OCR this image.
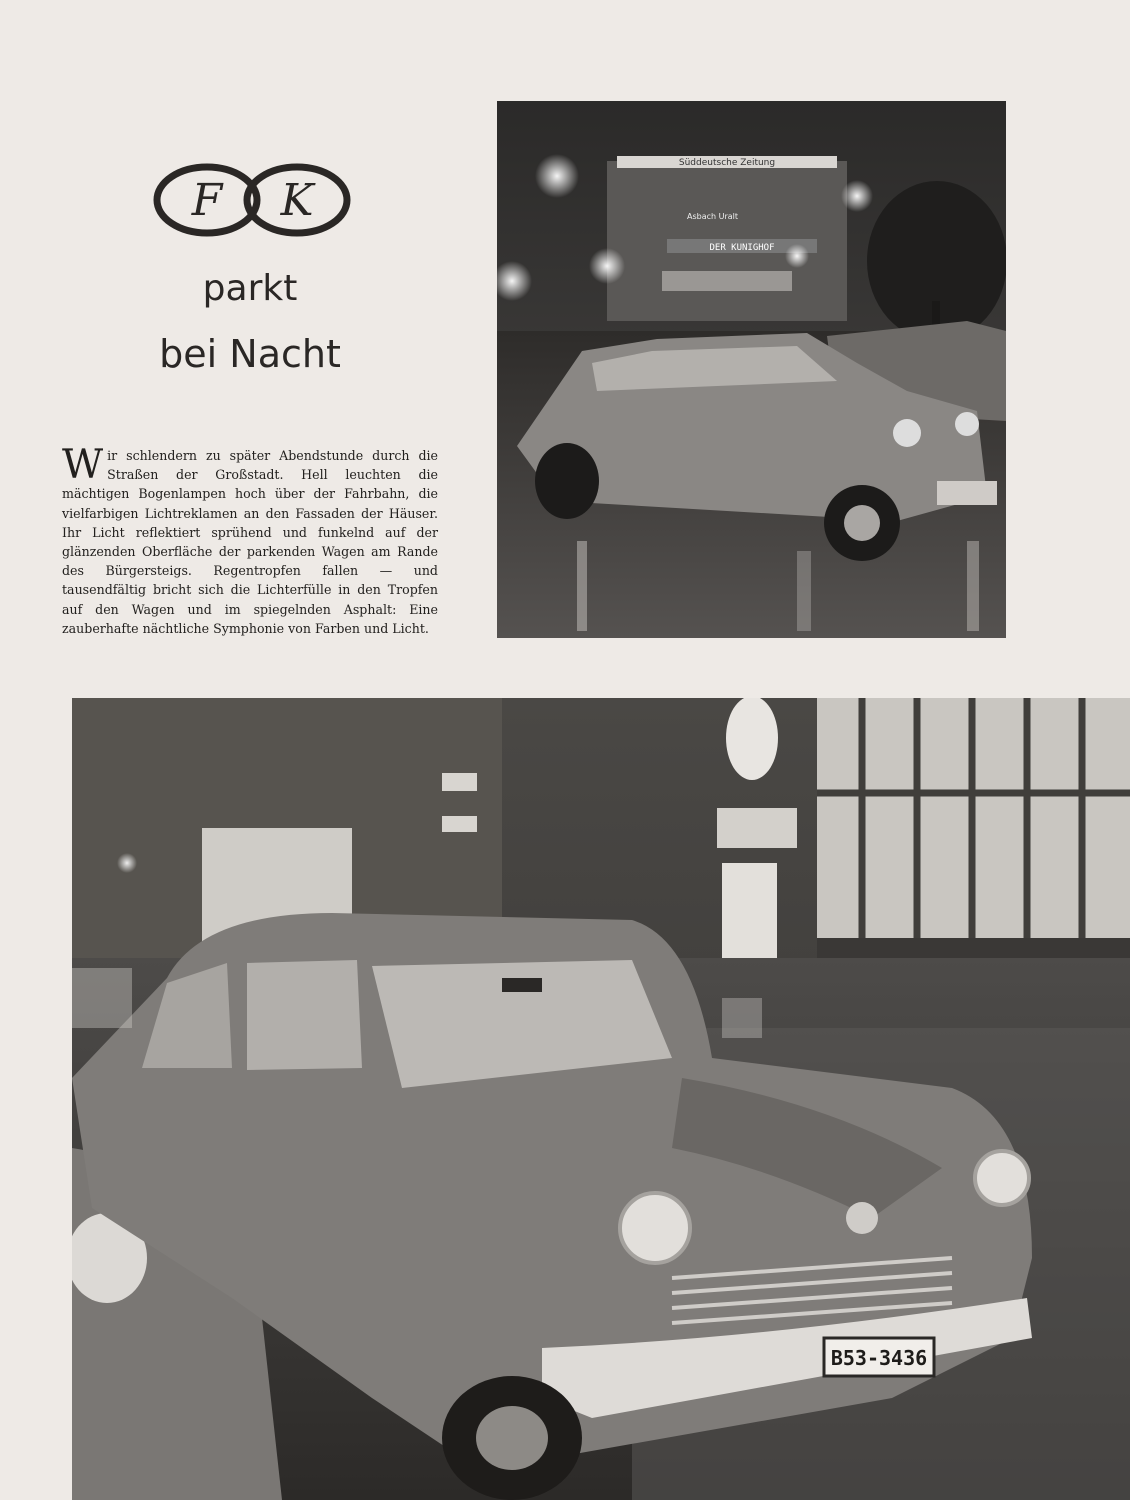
F K
parkt
bei Nacht
W ir schlendern zu später Abendstunde durch die Straßen der Großstadt. Hell leuchten die mächtigen Bogenlampen hoch über der Fahrbahn, die vielfarbigen Lichtreklamen an den Fassaden der Häuser. Ihr Licht reflektiert sprühend und funkelnd auf der glänzenden Oberfläche der parkenden Wagen am Rande des Bürgersteigs. Regentropfen fallen — und tausendfältig bricht sich die Lichterfülle in den Tropfen auf den Wagen und im spiegelnden Asphalt: Eine zauberhafte nächtliche Symphonie von Farben und Licht.
Süddeutsche Zeitung
Asbach Uralt
DER KUNIGHOF
B53-3436
